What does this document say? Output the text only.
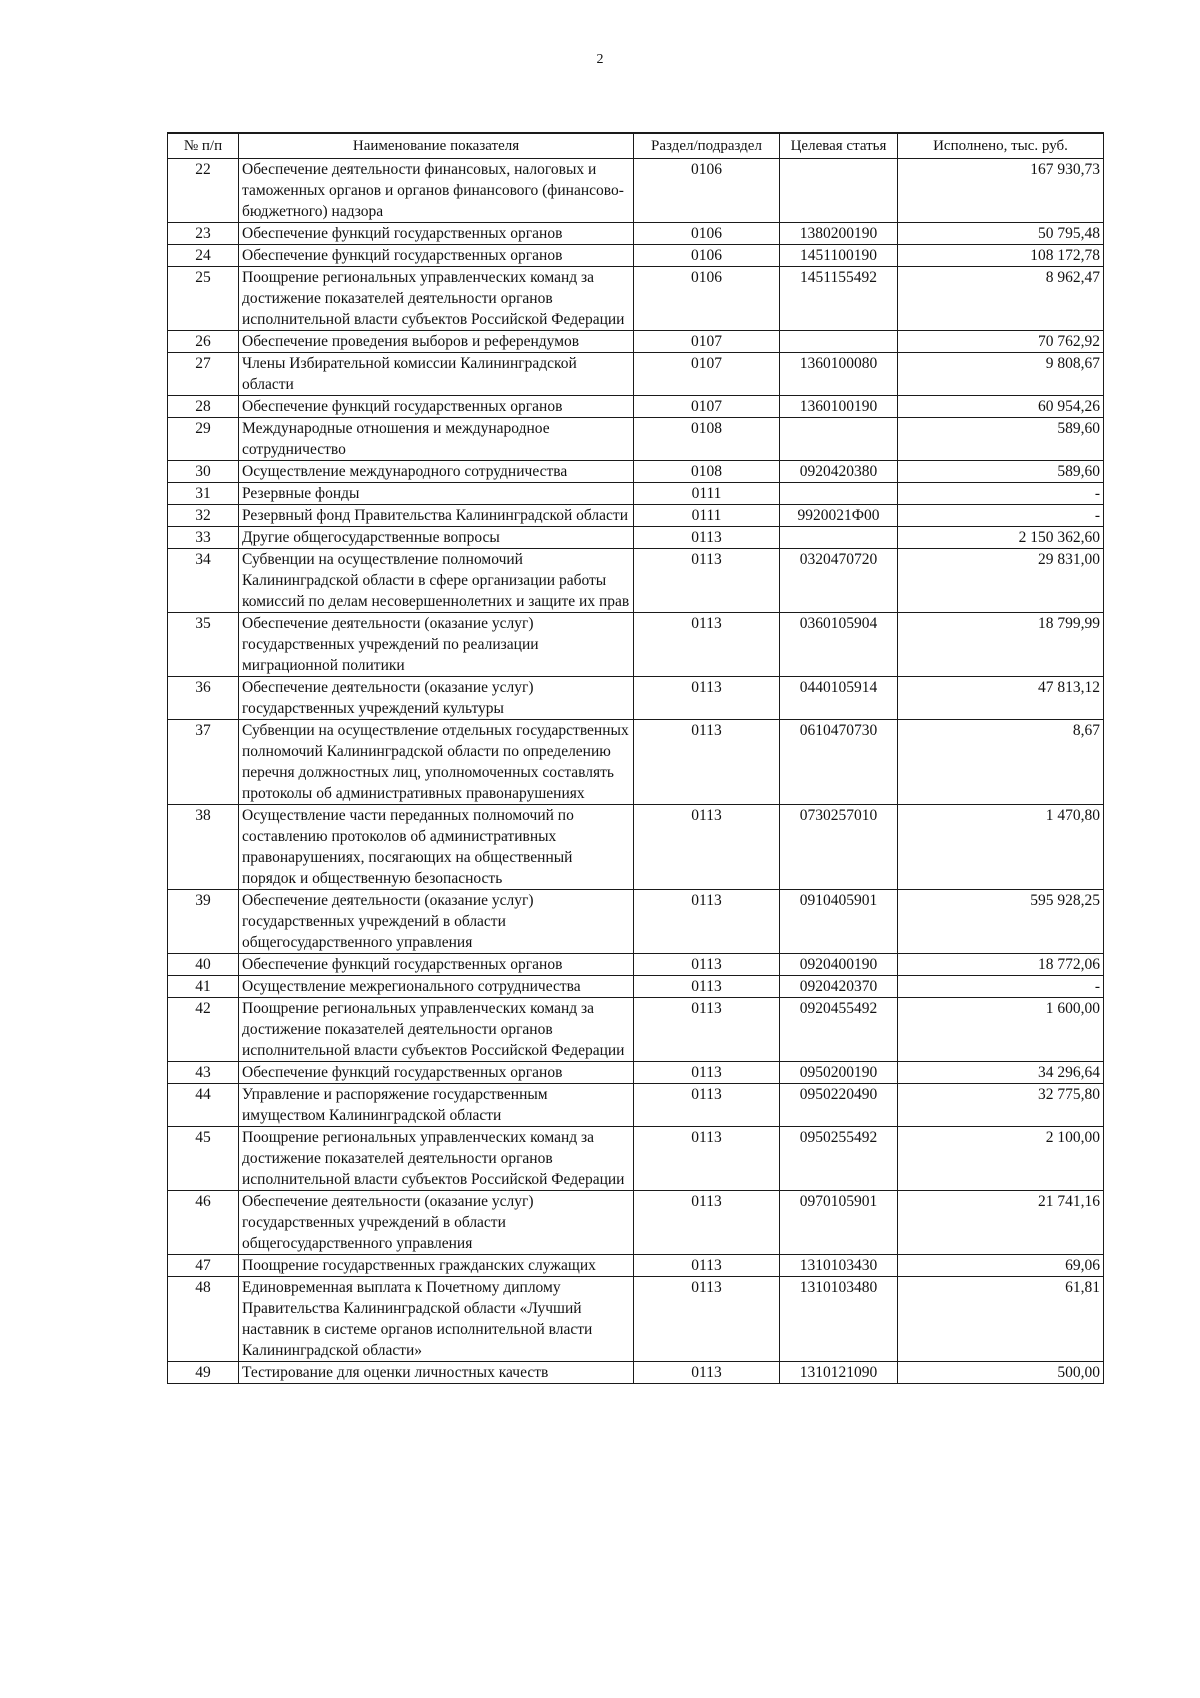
2
№ п/п	Наименование показателя	Раздел/подраздел	Целевая статья	Исполнено, тыс. руб.
22	Обеспечение деятельности финансовых, налоговых и таможенных органов и органов финансового (финансово-бюджетного) надзора	0106		167 930,73
23	Обеспечение функций государственных органов	0106	1380200190	50 795,48
24	Обеспечение функций государственных органов	0106	1451100190	108 172,78
25	Поощрение региональных управленческих команд за достижение показателей деятельности органов исполнительной власти субъектов Российской Федерации	0106	1451155492	8 962,47
26	Обеспечение проведения выборов и референдумов	0107		70 762,92
27	Члены Избирательной комиссии Калининградской области	0107	1360100080	9 808,67
28	Обеспечение функций государственных органов	0107	1360100190	60 954,26
29	Международные отношения и международное сотрудничество	0108		589,60
30	Осуществление международного сотрудничества	0108	0920420380	589,60
31	Резервные фонды	0111		-
32	Резервный фонд Правительства Калининградской области	0111	9920021Ф00	-
33	Другие общегосударственные вопросы	0113		2 150 362,60
34	Субвенции на осуществление полномочий Калининградской области в сфере организации работы комиссий по делам несовершеннолетних и защите их прав	0113	0320470720	29 831,00
35	Обеспечение деятельности (оказание услуг) государственных учреждений по реализации миграционной политики	0113	0360105904	18 799,99
36	Обеспечение деятельности (оказание услуг) государственных учреждений культуры	0113	0440105914	47 813,12
37	Субвенции на осуществление отдельных государственных полномочий Калининградской области по определению перечня должностных лиц, уполномоченных составлять протоколы об административных правонарушениях	0113	0610470730	8,67
38	Осуществление части переданных полномочий по составлению протоколов об административных правонарушениях, посягающих на общественный порядок и общественную безопасность	0113	0730257010	1 470,80
39	Обеспечение деятельности (оказание услуг) государственных учреждений в области общегосударственного управления	0113	0910405901	595 928,25
40	Обеспечение функций государственных органов	0113	0920400190	18 772,06
41	Осуществление межрегионального сотрудничества	0113	0920420370	-
42	Поощрение региональных управленческих команд за достижение показателей деятельности органов исполнительной власти субъектов Российской Федерации	0113	0920455492	1 600,00
43	Обеспечение функций государственных органов	0113	0950200190	34 296,64
44	Управление и распоряжение государственным имуществом Калининградской области	0113	0950220490	32 775,80
45	Поощрение региональных управленческих команд за достижение показателей деятельности органов исполнительной власти субъектов Российской Федерации	0113	0950255492	2 100,00
46	Обеспечение деятельности (оказание услуг) государственных учреждений в области общегосударственного управления	0113	0970105901	21 741,16
47	Поощрение государственных гражданских служащих	0113	1310103430	69,06
48	Единовременная выплата к Почетному диплому Правительства Калининградской области «Лучший наставник в системе органов исполнительной власти Калининградской области»	0113	1310103480	61,81
49	Тестирование для оценки личностных качеств	0113	1310121090	500,00
